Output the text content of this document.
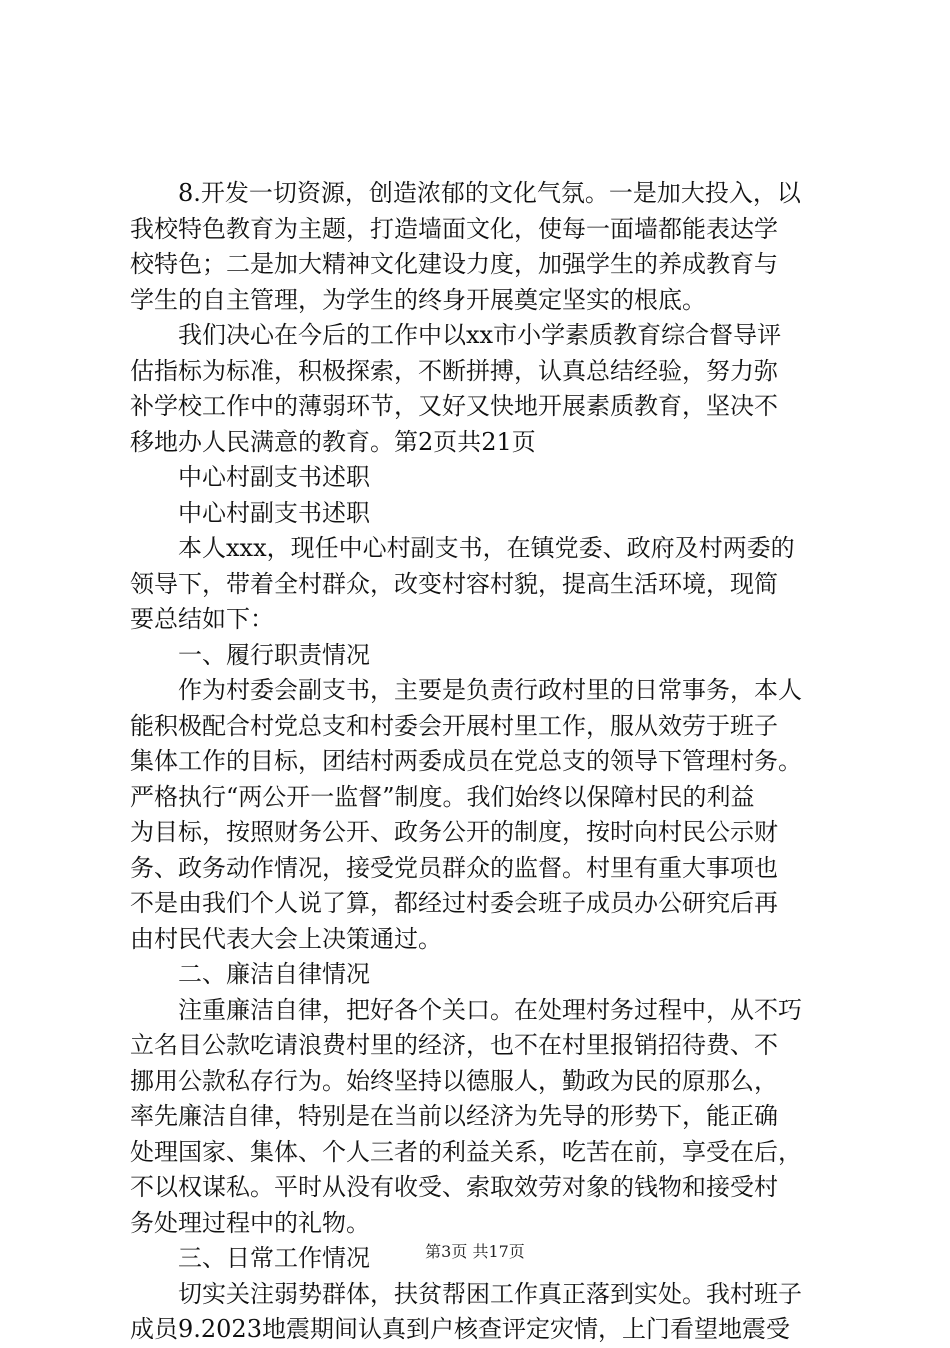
8.开发一切资源，创造浓郁的文化气氛。一是加大投入，以
我校特色教育为主题，打造墙面文化，使每一面墙都能表达学
校特色；二是加大精神文化建设力度，加强学生的养成教育与
学生的自主管理，为学生的终身开展奠定坚实的根底。
我们决心在今后的工作中以xx市小学素质教育综合督导评
估指标为标准，积极探索，不断拼搏，认真总结经验，努力弥
补学校工作中的薄弱环节，又好又快地开展素质教育，坚决不
移地办人民满意的教育。第2页共21页
中心村副支书述职
中心村副支书述职
本人xxx，现任中心村副支书，在镇党委、政府及村两委的
领导下，带着全村群众，改变村容村貌，提高生活环境，现简
要总结如下：
一、履行职责情况
作为村委会副支书，主要是负责行政村里的日常事务，本人
能积极配合村党总支和村委会开展村里工作，服从效劳于班子
集体工作的目标，团结村两委成员在党总支的领导下管理村务。
严格执行“两公开一监督”制度。我们始终以保障村民的利益
为目标，按照财务公开、政务公开的制度，按时向村民公示财
务、政务动作情况，接受党员群众的监督。村里有重大事项也
不是由我们个人说了算，都经过村委会班子成员办公研究后再
由村民代表大会上决策通过。
二、廉洁自律情况
注重廉洁自律，把好各个关口。在处理村务过程中，从不巧
立名目公款吃请浪费村里的经济，也不在村里报销招待费、不
挪用公款私存行为。始终坚持以德服人，勤政为民的原那么，
率先廉洁自律，特别是在当前以经济为先导的形势下，能正确
处理国家、集体、个人三者的利益关系，吃苦在前，享受在后，
不以权谋私。平时从没有收受、索取效劳对象的钱物和接受村
务处理过程中的礼物。
三、日常工作情况
切实关注弱势群体，扶贫帮困工作真正落到实处。我村班子
成员9.2023地震期间认真到户核查评定灾情，上门看望地震受
第3页 共17页
